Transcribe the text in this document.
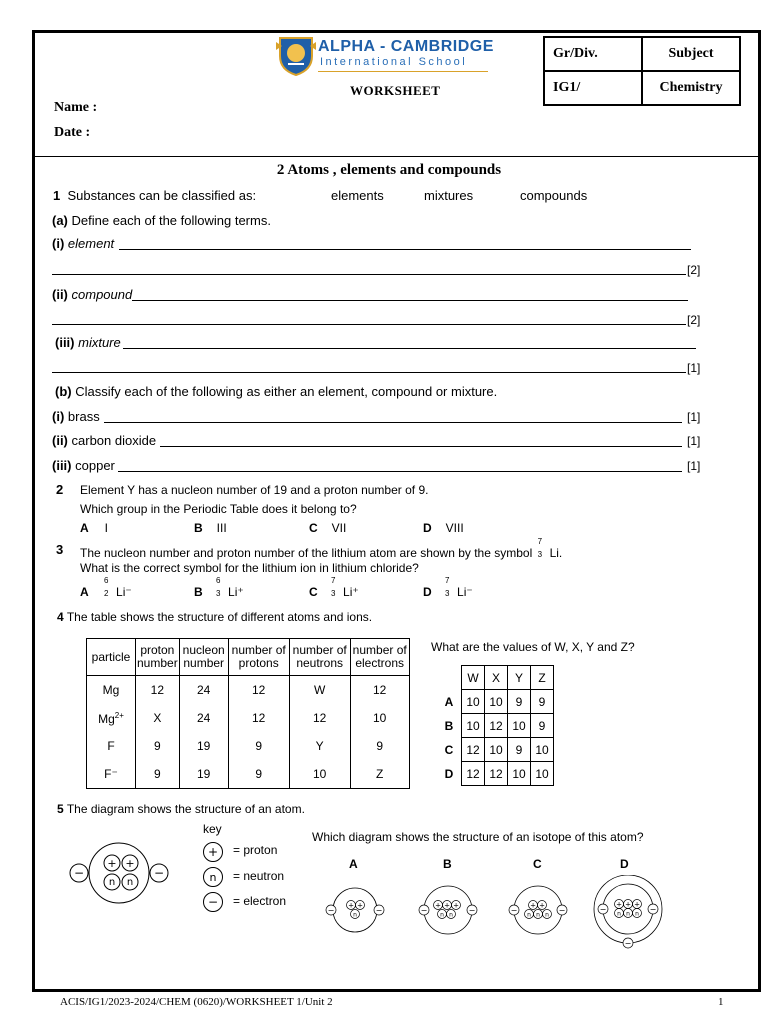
ALPHA - CAMBRIDGE
International School
WORKSHEET
Name :
Date :
Gr/Div.	Subject
IG1/	Chemistry
2 Atoms , elements and compounds
1 Substances can be classified as:	elements	mixtures	compounds
(a) Define each of the following terms.
(i) element
[2]
(ii) compound
[2]
(iii) mixture
[1]
(b) Classify each of the following as either an element, compound or mixture.
(i) brass	[1]
(ii) carbon dioxide	[1]
(iii) copper	[1]
2 Element Y has a nucleon number of 19 and a proton number of 9.
Which group in the Periodic Table does it belong to?
A I	B III	C VII	D VIII
3 The nucleon number and proton number of the lithium atom are shown by the symbol
7
3 Li.
What is the correct symbol for the lithium ion in lithium chloride?
A
6
2 Li⁻	B
6
3 Li⁺	C
7
3 Li⁺	D
7
3 Li⁻
4 The table shows the structure of different atoms and ions.
particle	proton number	nucleon number	number of protons	number of neutrons	number of electrons
Mg	12	24	12	W	12
$Mg^{2+}$	X	24	12	12	10
F	9	19	9	Y	9
F⁻	9	19	9	10	Z
What are the values of W, X, Y and Z?
	W	X	Y	Z
A	10	10	9	9
B	10	12	10	9
C	12	10	9	10
D	12	12	10	10
5 The diagram shows the structure of an atom.
+ +
n n
−	−
key
+ = proton
n = neutron
− = electron
Which diagram shows the structure of an isotope of this atom?
A	B	C	D
+ +
n
−	−
+ + +
n n
−	−
+ +
n n n
−	−
+ + +
n n n
−	−
−
ACIS/IG1/2023-2024/CHEM (0620)/WORKSHEET 1/Unit 2	1
